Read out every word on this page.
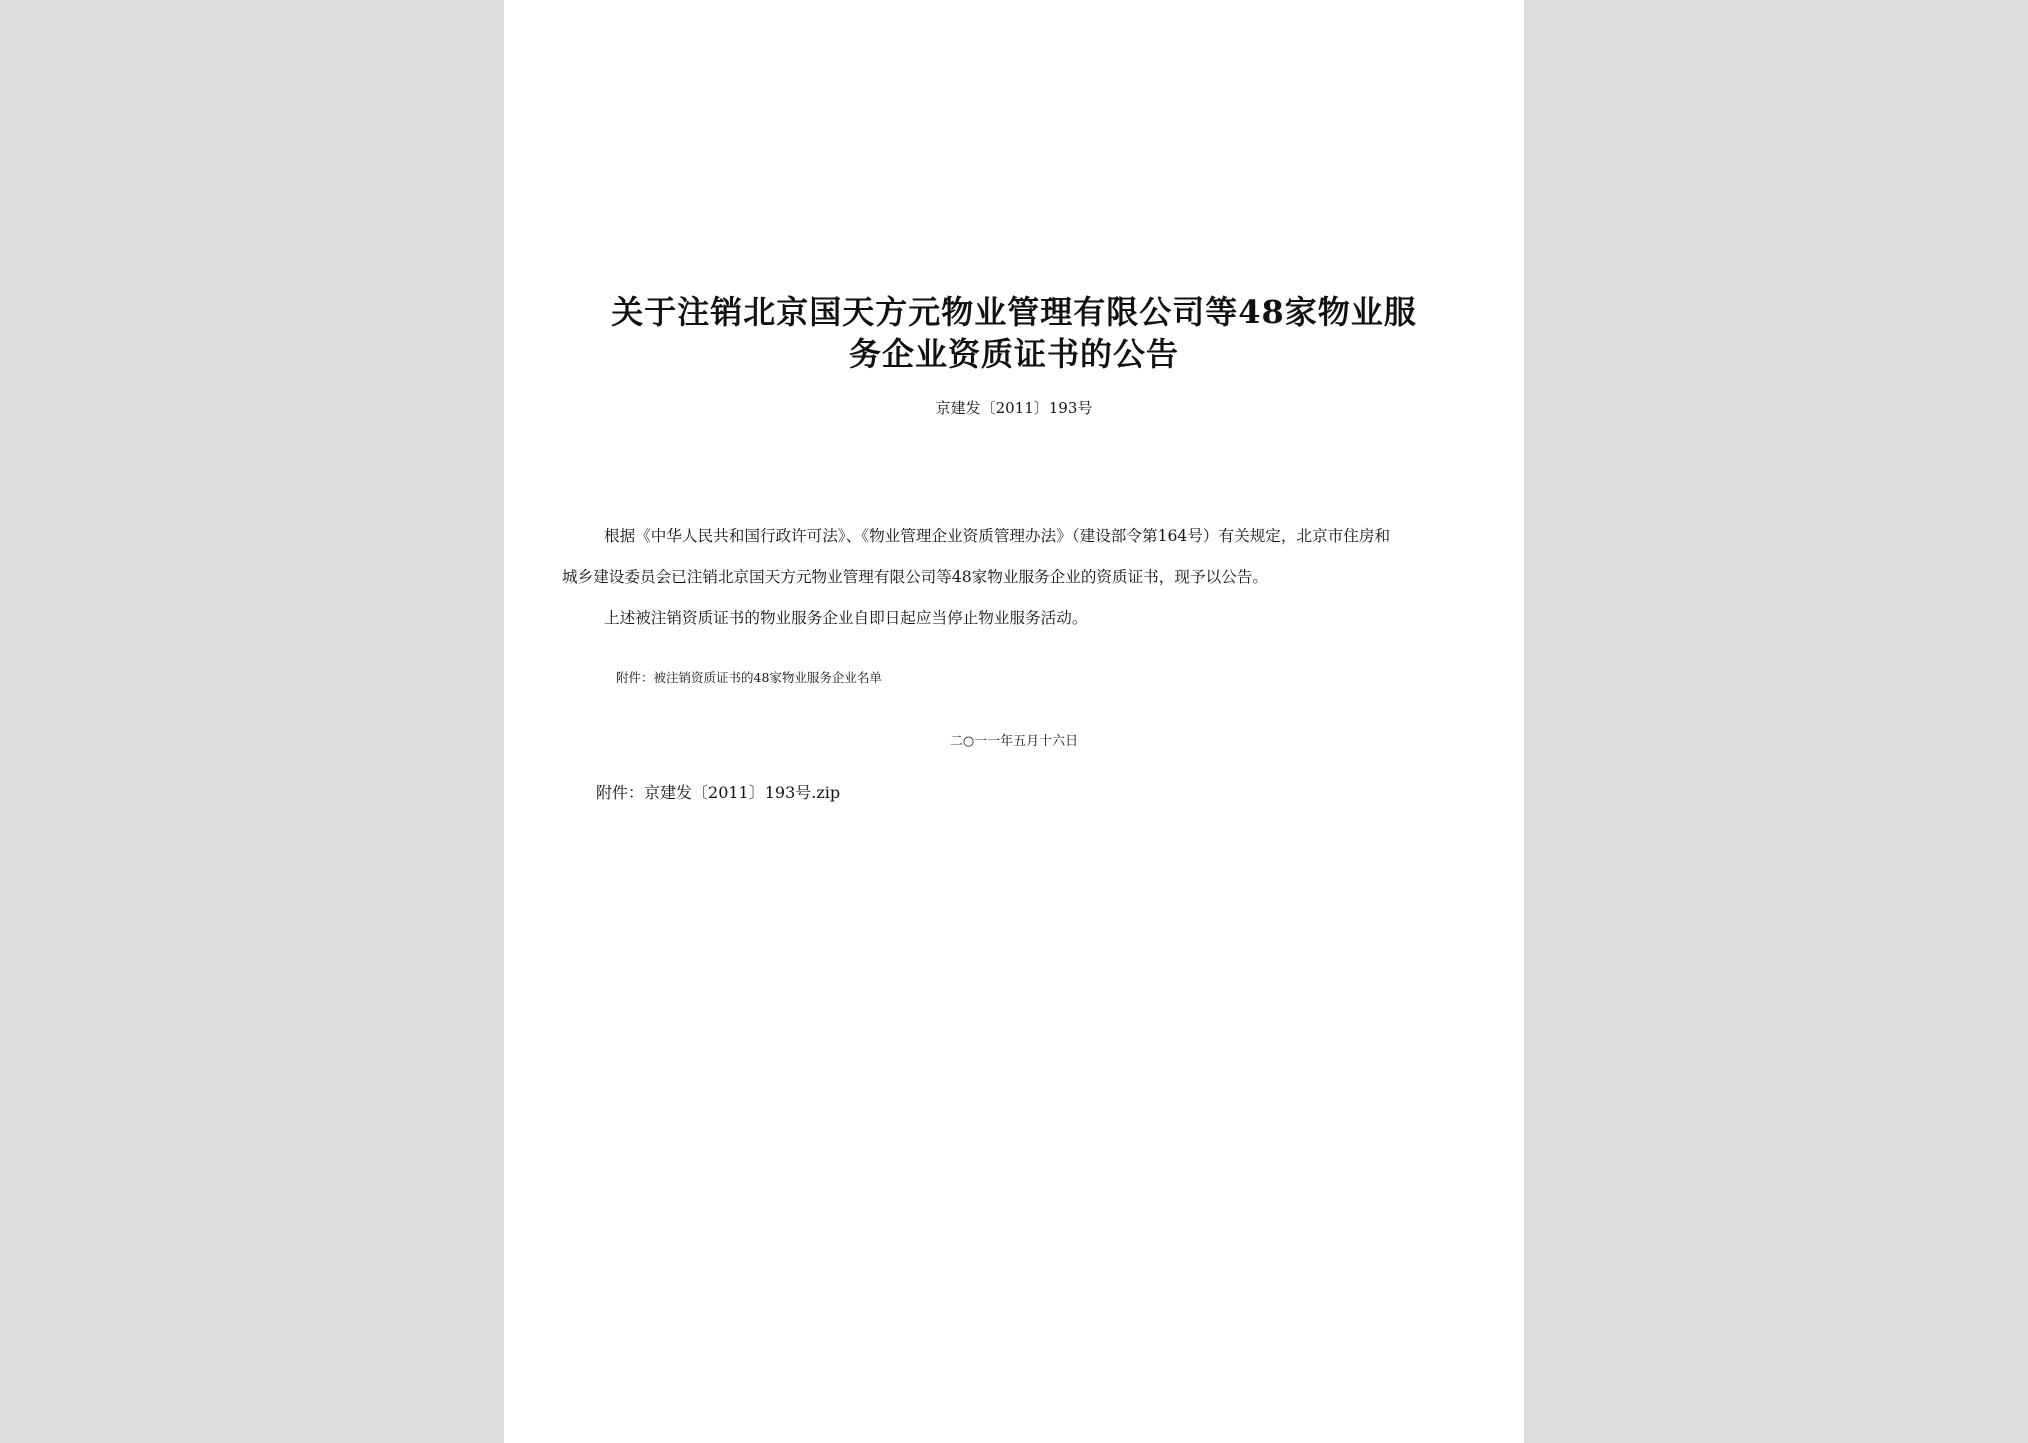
关于注销北京国天方元物业管理有限公司等48家物业服
务企业资质证书的公告
京建发〔2011〕193号
根据《中华人民共和国行政许可法》、《物业管理企业资质管理办法》（建设部令第164号）有关规定，北京市住房和
城乡建设委员会已注销北京国天方元物业管理有限公司等48家物业服务企业的资质证书，现予以公告。
上述被注销资质证书的物业服务企业自即日起应当停止物业服务活动。
附件：被注销资质证书的48家物业服务企业名单
二○一一年五月十六日
附件：京建发〔2011〕193号.zip
